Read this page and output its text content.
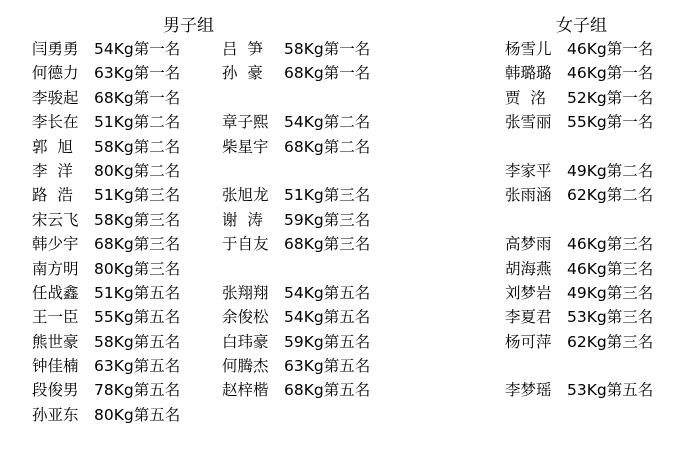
男子组	女子组
闫勇勇 54Kg第一名
何德力 63Kg第一名
李骏起 68Kg第一名
李长在 51Kg第二名
郭  旭 58Kg第二名
李  洋 80Kg第二名
路  浩 51Kg第三名
宋云飞 58Kg第三名
韩少宇 68Kg第三名
南方明 80Kg第三名
任战鑫 51Kg第五名
王一臣 55Kg第五名
熊世豪 58Kg第五名
钟佳楠 63Kg第五名
段俊男 78Kg第五名
孙亚东 80Kg第五名
吕  笋 58Kg第一名
孙  豪 68Kg第一名
章子熙 54Kg第二名
柴星宇 68Kg第二名
张旭龙 51Kg第三名
谢  涛 59Kg第三名
于自友 68Kg第三名
张翔翔 54Kg第五名
余俊松 54Kg第五名
白玮豪 59Kg第五名
何腾杰 63Kg第五名
赵梓楷 68Kg第五名
杨雪儿 46Kg第一名
韩璐璐 46Kg第一名
贾  洺 52Kg第一名
张雪丽 55Kg第一名
李家平 49Kg第二名
张雨涵 62Kg第二名
高梦雨 46Kg第三名
胡海燕 46Kg第三名
刘梦岩 49Kg第三名
李夏君 53Kg第三名
杨可萍 62Kg第三名
李梦瑶 53Kg第五名
